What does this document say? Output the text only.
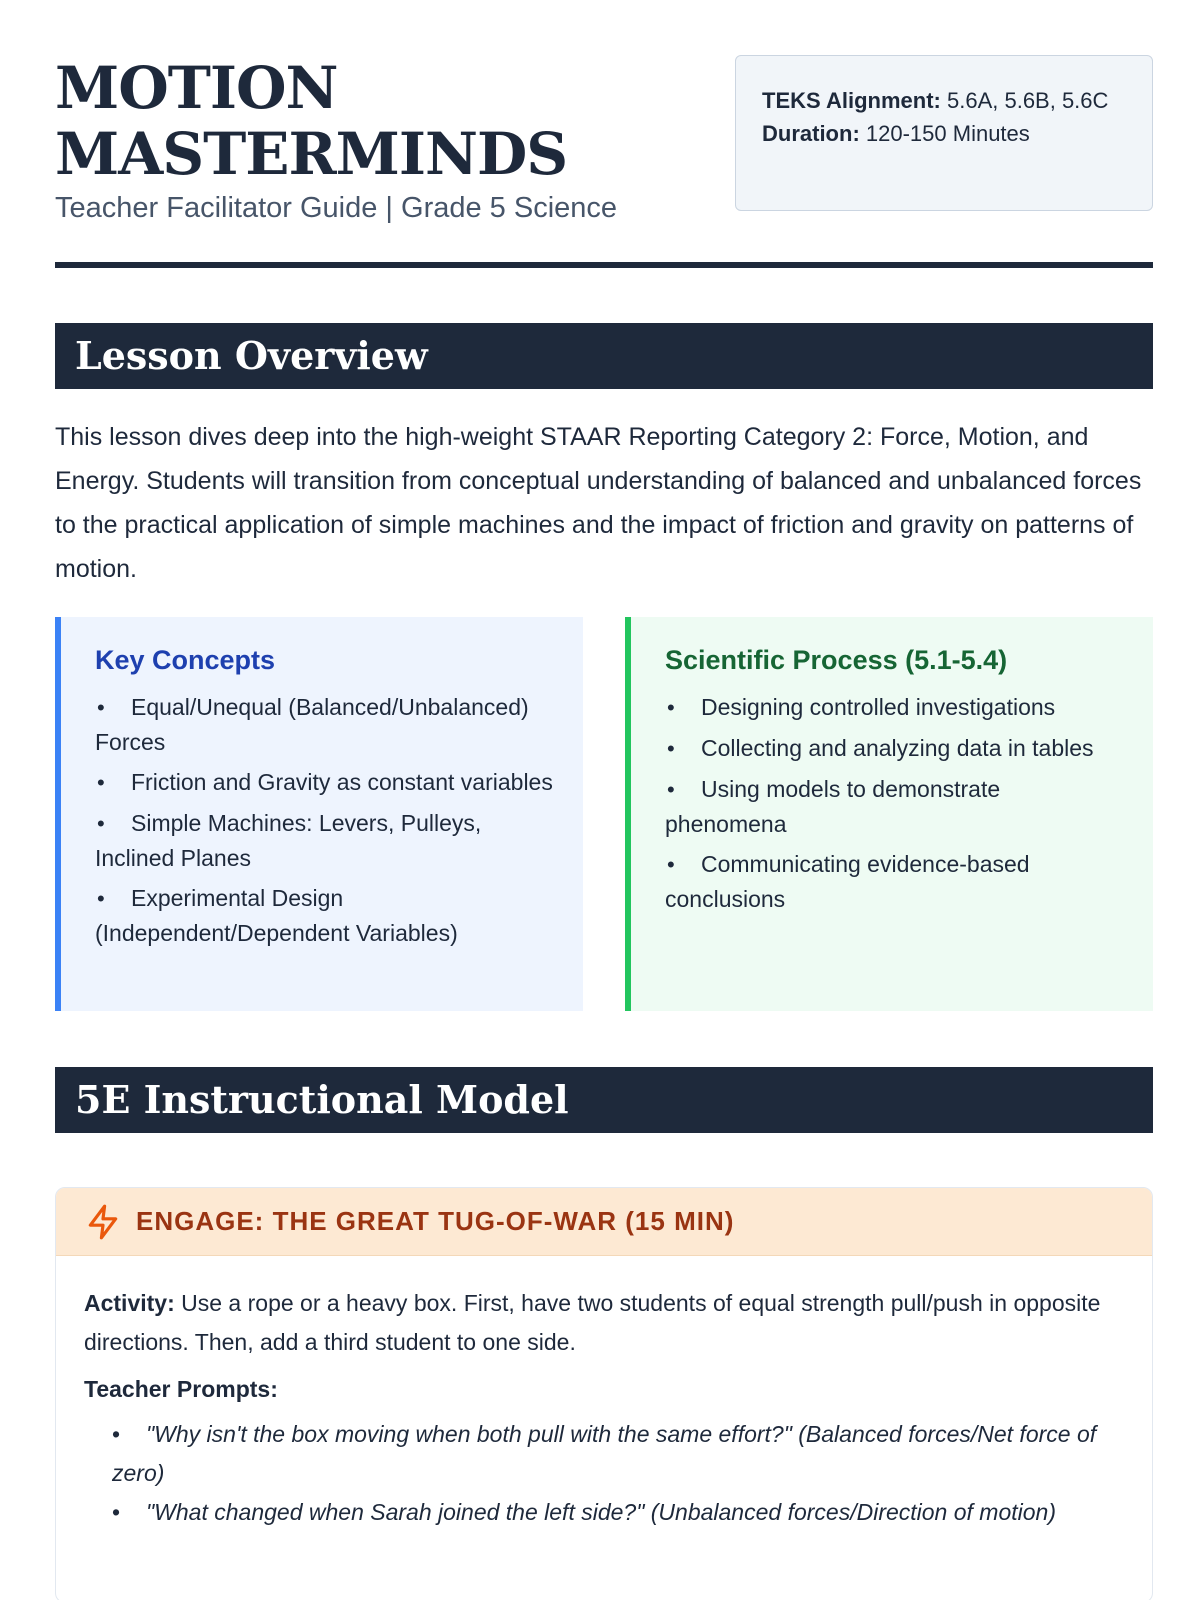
MOTION MASTERMINDS
Teacher Facilitator Guide | Grade 5 Science
TEKS Alignment: 5.6A, 5.6B, 5.6C
Duration: 120-150 Minutes
Lesson Overview

This lesson dives deep into the high-weight STAAR Reporting Category 2: Force, Motion, and Energy. Students will transition from conceptual understanding of balanced and unbalanced forces to the practical application of simple machines and the impact of friction and gravity on patterns of motion.

Key Concepts
• Equal/Unequal (Balanced/Unbalanced) Forces
• Friction and Gravity as constant variables
• Simple Machines: Levers, Pulleys, Inclined Planes
• Experimental Design (Independent/Dependent Variables)
Scientific Process (5.1-5.4)
• Designing controlled investigations
• Collecting and analyzing data in tables
• Using models to demonstrate phenomena
• Communicating evidence-based conclusions
5E Instructional Model
ENGAGE: THE GREAT TUG-OF-WAR (15 MIN)

Activity: Use a rope or a heavy box. First, have two students of equal strength pull/push in opposite directions. Then, add a third student to one side.

Teacher Prompts:
• "Why isn't the box moving when both pull with the same effort?" (Balanced forces/Net force of zero)
• "What changed when Sarah joined the left side?" (Unbalanced forces/Direction of motion)
